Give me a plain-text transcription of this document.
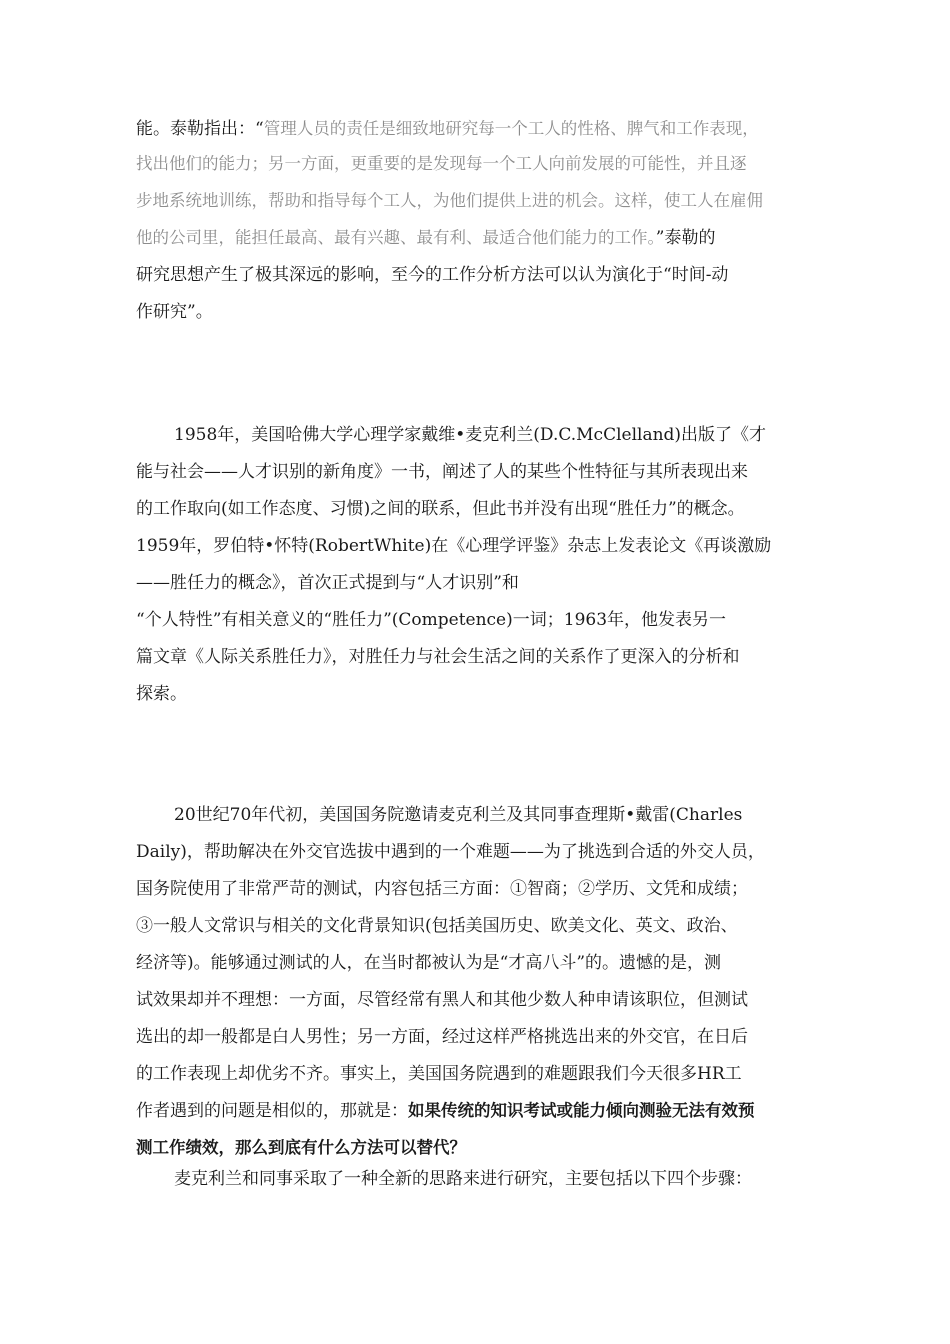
能。泰勒指出：“管理人员的责任是细致地研究每一个工人的性格、脾气和工作表现，
找出他们的能力；另一方面，更重要的是发现每一个工人向前发展的可能性，并且逐
步地系统地训练，帮助和指导每个工人，为他们提供上进的机会。这样，使工人在雇佣
他的公司里，能担任最高、最有兴趣、最有利、最适合他们能力的工作。”泰勒的
研究思想产生了极其深远的影响，至今的工作分析方法可以认为演化于“时间-动
作研究”。
1958年，美国哈佛大学心理学家戴维•麦克利兰(D.C.McClelland)出版了《才
能与社会——人才识别的新角度》一书，阐述了人的某些个性特征与其所表现出来
的工作取向(如工作态度、习惯)之间的联系，但此书并没有出现“胜任力”的概念。
1959年，罗伯特•怀特(RobertWhite)在《心理学评鉴》杂志上发表论文《再谈激励
——胜任力的概念》，首次正式提到与“人才识别”和
“个人特性”有相关意义的“胜任力”(Competence)一词；1963年，他发表另一
篇文章《人际关系胜任力》，对胜任力与社会生活之间的关系作了更深入的分析和
探索。
20世纪70年代初，美国国务院邀请麦克利兰及其同事查理斯•戴雷(Charles
Daily)，帮助解决在外交官选拔中遇到的一个难题——为了挑选到合适的外交人员，
国务院使用了非常严苛的测试，内容包括三方面：①智商；②学历、文凭和成绩；
③一般人文常识与相关的文化背景知识(包括美国历史、欧美文化、英文、政治、
经济等)。能够通过测试的人，在当时都被认为是“才高八斗”的。遗憾的是，测
试效果却并不理想：一方面，尽管经常有黑人和其他少数人种申请该职位，但测试
选出的却一般都是白人男性；另一方面，经过这样严格挑选出来的外交官，在日后
的工作表现上却优劣不齐。事实上，美国国务院遇到的难题跟我们今天很多HR工
作者遇到的问题是相似的，那就是：如果传统的知识考试或能力倾向测验无法有效预
测工作绩效，那么到底有什么方法可以替代？
麦克利兰和同事采取了一种全新的思路来进行研究，主要包括以下四个步骤：
